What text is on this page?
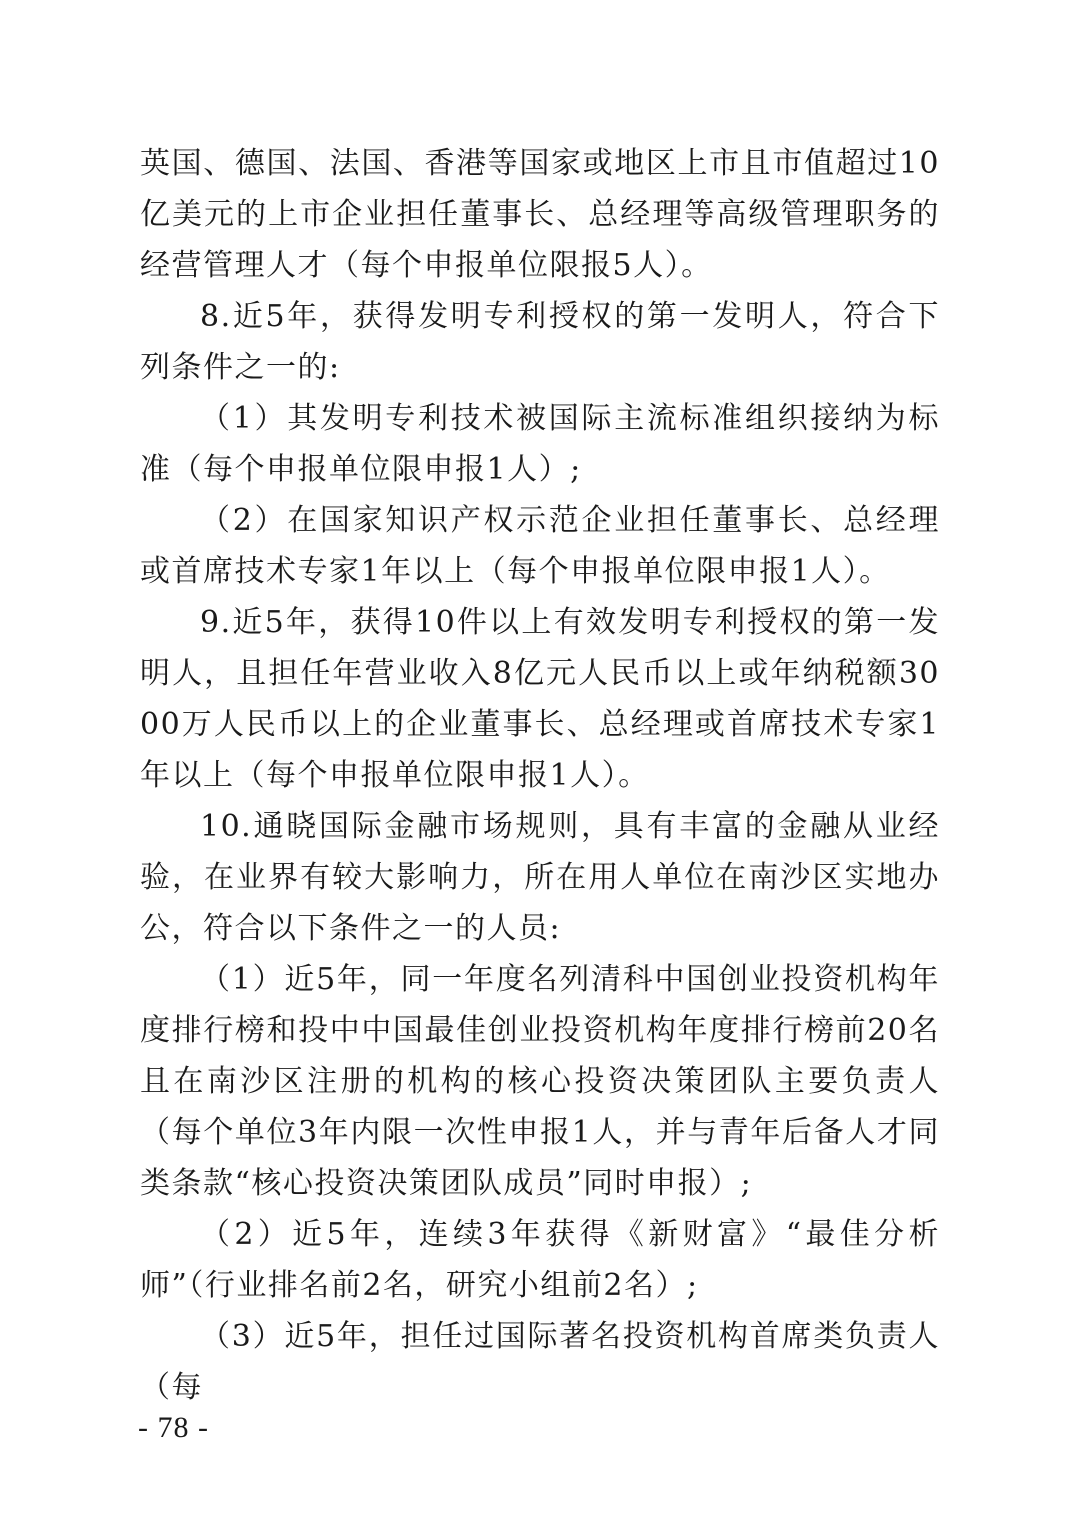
英国、德国、法国、香港等国家或地区上市且市值超过10亿美元的上市企业担任董事长、总经理等高级管理职务的经营管理人才（每个申报单位限报5人）。

8.近5年，获得发明专利授权的第一发明人，符合下列条件之一的:

（1）其发明专利技术被国际主流标准组织接纳为标准（每个申报单位限申报1人）;

（2）在国家知识产权示范企业担任董事长、总经理或首席技术专家1年以上（每个申报单位限申报1人）。

9.近5年，获得10件以上有效发明专利授权的第一发明人，且担任年营业收入8亿元人民币以上或年纳税额3000万人民币以上的企业董事长、总经理或首席技术专家1年以上（每个申报单位限申报1人）。

10.通晓国际金融市场规则，具有丰富的金融从业经验，在业界有较大影响力，所在用人单位在南沙区实地办公，符合以下条件之一的人员:

（1）近5年，同一年度名列清科中国创业投资机构年度排行榜和投中中国最佳创业投资机构年度排行榜前20名且在南沙区注册的机构的核心投资决策团队主要负责人（每个单位3年内限一次性申报1人，并与青年后备人才同类条款“核心投资决策团队成员”同时申报）;

（2）近5年，连续3年获得《新财富》“最佳分析师”（行业排名前2名，研究小组前2名）;

（3）近5年，担任过国际著名投资机构首席类负责人（每

- 78 -
